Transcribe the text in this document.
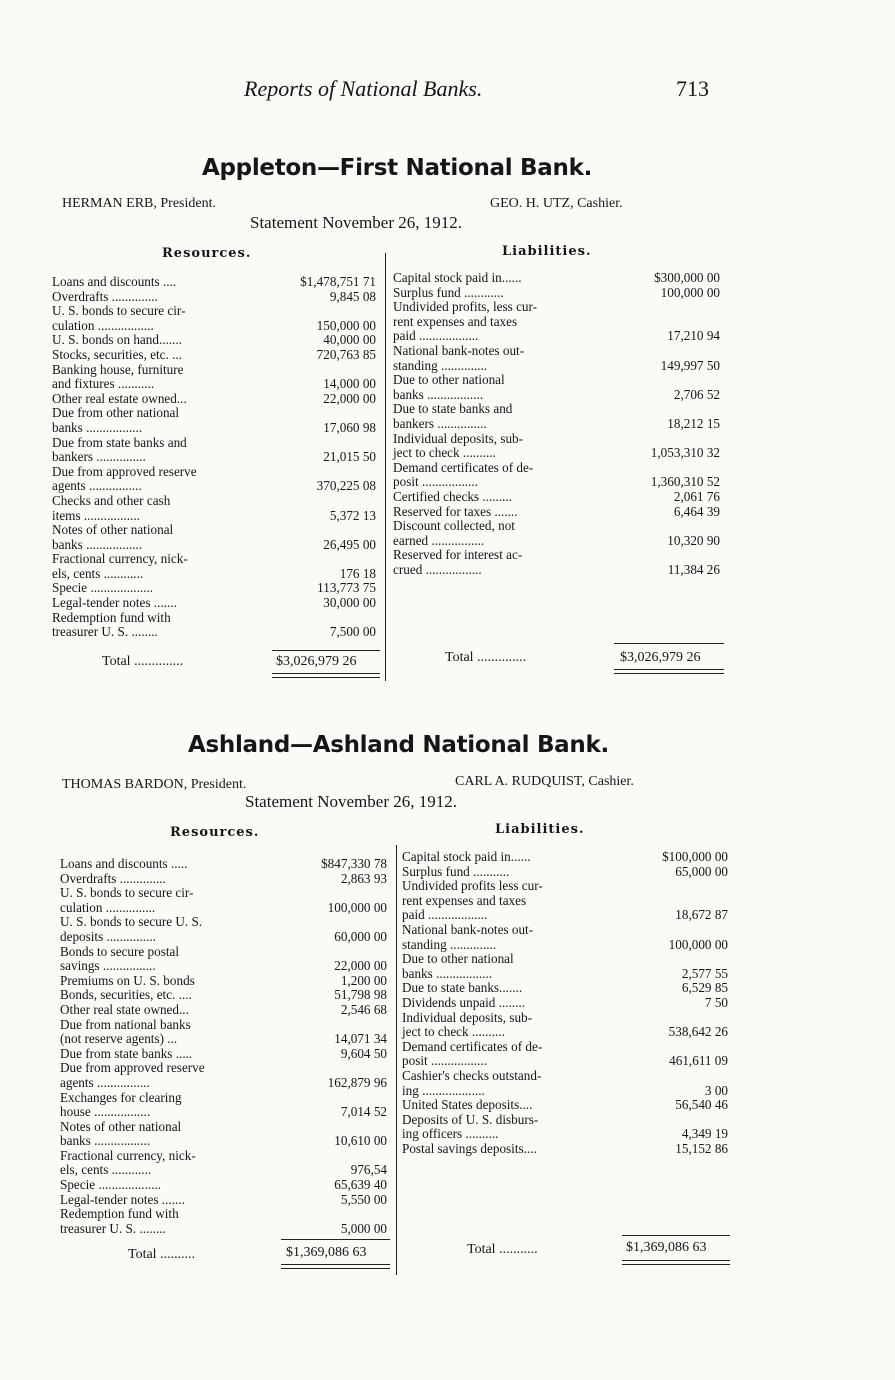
Reports of National Banks.	713
Appleton—First National Bank.
HERMAN ERB, President.	GEO. H. UTZ, Cashier.
Statement November 26, 1912.
Resources.	Liabilities.
Loans and discounts ....	$1,478,751 71
Overdrafts ..............	9,845 08
U. S. bonds to secure cir-
culation .................	150,000 00
U. S. bonds on hand.......	40,000 00
Stocks, securities, etc. ...	720,763 85
Banking house, furniture
and fixtures ...........	14,000 00
Other real estate owned...	22,000 00
Due from other national
banks .................	17,060 98
Due from state banks and
bankers ...............	21,015 50
Due from approved reserve
agents ................	370,225 08
Checks and other cash
items .................	5,372 13
Notes of other national
banks .................	26,495 00
Fractional currency, nick-
els, cents ............	176 18
Specie ...................	113,773 75
Legal-tender notes .......	30,000 00
Redemption fund with
treasurer U. S. ........	7,500 00
Capital stock paid in......	$300,000 00
Surplus fund ............	100,000 00
Undivided profits, less cur-
rent expenses and taxes
paid ..................	17,210 94
National bank-notes out-
standing ..............	149,997 50
Due to other national
banks .................	2,706 52
Due to state banks and
bankers ...............	18,212 15
Individual deposits, sub-
ject to check ..........	1,053,310 32
Demand certificates of de-
posit .................	1,360,310 52
Certified checks .........	2,061 76
Reserved for taxes .......	6,464 39
Discount collected, not
earned ................	10,320 90
Reserved for interest ac-
crued .................	11,384 26
Total ..............	$3,026,979 26	Total ..............	$3,026,979 26
Ashland—Ashland National Bank.
THOMAS BARDON, President.	CARL A. RUDQUIST, Cashier.
Statement November 26, 1912.
Resources.	Liabilities.
Loans and discounts .....	$847,330 78
Overdrafts ..............	2,863 93
U. S. bonds to secure cir-
culation ...............	100,000 00
U. S. bonds to secure U. S.
deposits ...............	60,000 00
Bonds to secure postal
savings ................	22,000 00
Premiums on U. S. bonds	1,200 00
Bonds, securities, etc. ....	51,798 98
Other real state owned...	2,546 68
Due from national banks
(not reserve agents) ...	14,071 34
Due from state banks .....	9,604 50
Due from approved reserve
agents ................	162,879 96
Exchanges for clearing
house .................	7,014 52
Notes of other national
banks .................	10,610 00
Fractional currency, nick-
els, cents ............	976,54
Specie ...................	65,639 40
Legal-tender notes .......	5,550 00
Redemption fund with
treasurer U. S. ........	5,000 00
Capital stock paid in......	$100,000 00
Surplus fund ...........	65,000 00
Undivided profits less cur-
rent expenses and taxes
paid ..................	18,672 87
National bank-notes out-
standing ..............	100,000 00
Due to other national
banks .................	2,577 55
Due to state banks.......	6,529 85
Dividends unpaid ........	7 50
Individual deposits, sub-
ject to check ..........	538,642 26
Demand certificates of de-
posit .................	461,611 09
Cashier's checks outstand-
ing ...................	3 00
United States deposits....	56,540 46
Deposits of U. S. disburs-
ing officers ..........	4,349 19
Postal savings deposits....	15,152 86
Total ..........	$1,369,086 63	Total ...........	$1,369,086 63
